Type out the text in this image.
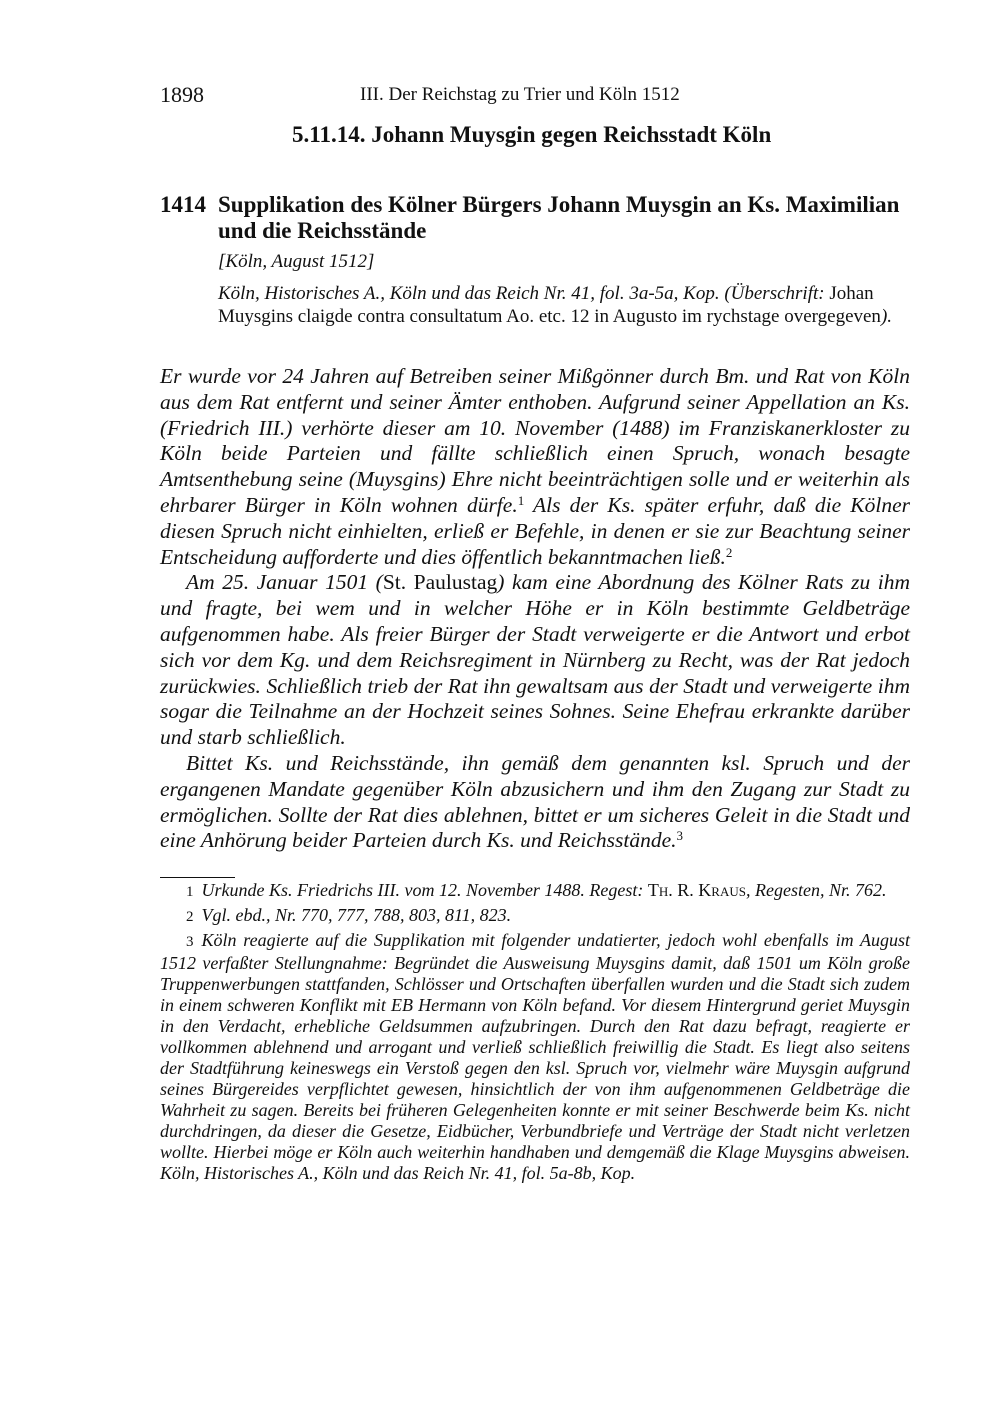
1898	III. Der Reichstag zu Trier und Köln 1512
5.11.14. Johann Muysgin gegen Reichsstadt Köln
1414 Supplikation des Kölner Bürgers Johann Muysgin an Ks. Maximilian und die Reichsstände
[Köln, August 1512]
Köln, Historisches A., Köln und das Reich Nr. 41, fol. 3a-5a, Kop. (Überschrift: Johan Muysgins claigde contra consultatum Ao. etc. 12 in Augusto im rychstage overgegeven).

Er wurde vor 24 Jahren auf Betreiben seiner Mißgönner durch Bm. und Rat von Köln aus dem Rat entfernt und seiner Ämter enthoben. Aufgrund seiner Appellation an Ks. (Friedrich III.) verhörte dieser am 10. November (1488) im Franziskanerkloster zu Köln beide Parteien und fällte schließlich einen Spruch, wonach besagte Amtsenthebung seine (Muysgins) Ehre nicht beeinträchtigen solle und er weiterhin als ehrbarer Bürger in Köln wohnen dürfe.$^1$ Als der Ks. später erfuhr, daß die Kölner diesen Spruch nicht einhielten, erließ er Befehle, in denen er sie zur Beachtung seiner Entscheidung aufforderte und dies öffentlich bekanntmachen ließ.$^2$

Am 25. Januar 1501 (St. Paulustag) kam eine Abordnung des Kölner Rats zu ihm und fragte, bei wem und in welcher Höhe er in Köln bestimmte Geldbeträge aufgenommen habe. Als freier Bürger der Stadt verweigerte er die Antwort und erbot sich vor dem Kg. und dem Reichsregiment in Nürnberg zu Recht, was der Rat jedoch zurückwies. Schließlich trieb der Rat ihn gewaltsam aus der Stadt und verweigerte ihm sogar die Teilnahme an der Hochzeit seines Sohnes. Seine Ehefrau erkrankte darüber und starb schließlich.

Bittet Ks. und Reichsstände, ihn gemäß dem genannten ksl. Spruch und der ergangenen Mandate gegenüber Köln abzusichern und ihm den Zugang zur Stadt zu ermöglichen. Sollte der Rat dies ablehnen, bittet er um sicheres Geleit in die Stadt und eine Anhörung beider Parteien durch Ks. und Reichsstände.$^3$

1 Urkunde Ks. Friedrichs III. vom 12. November 1488. Regest: Th. R. Kraus, Regesten, Nr. 762.

2 Vgl. ebd., Nr. 770, 777, 788, 803, 811, 823.

3 Köln reagierte auf die Supplikation mit folgender undatierter, jedoch wohl ebenfalls im August 1512 verfaßter Stellungnahme: Begründet die Ausweisung Muysgins damit, daß 1501 um Köln große Truppenwerbungen stattfanden, Schlösser und Ortschaften überfallen wurden und die Stadt sich zudem in einem schweren Konflikt mit EB Hermann von Köln befand. Vor diesem Hintergrund geriet Muysgin in den Verdacht, erhebliche Geldsummen aufzubringen. Durch den Rat dazu befragt, reagierte er vollkommen ablehnend und arrogant und verließ schließlich freiwillig die Stadt. Es liegt also seitens der Stadtführung keineswegs ein Verstoß gegen den ksl. Spruch vor, vielmehr wäre Muysgin aufgrund seines Bürgereides verpflichtet gewesen, hinsichtlich der von ihm aufgenommenen Geldbeträge die Wahrheit zu sagen. Bereits bei früheren Gelegenheiten konnte er mit seiner Beschwerde beim Ks. nicht durchdringen, da dieser die Gesetze, Eidbücher, Verbundbriefe und Verträge der Stadt nicht verletzen wollte. Hierbei möge er Köln auch weiterhin handhaben und demgemäß die Klage Muysgins abweisen. Köln, Historisches A., Köln und das Reich Nr. 41, fol. 5a-8b, Kop.
